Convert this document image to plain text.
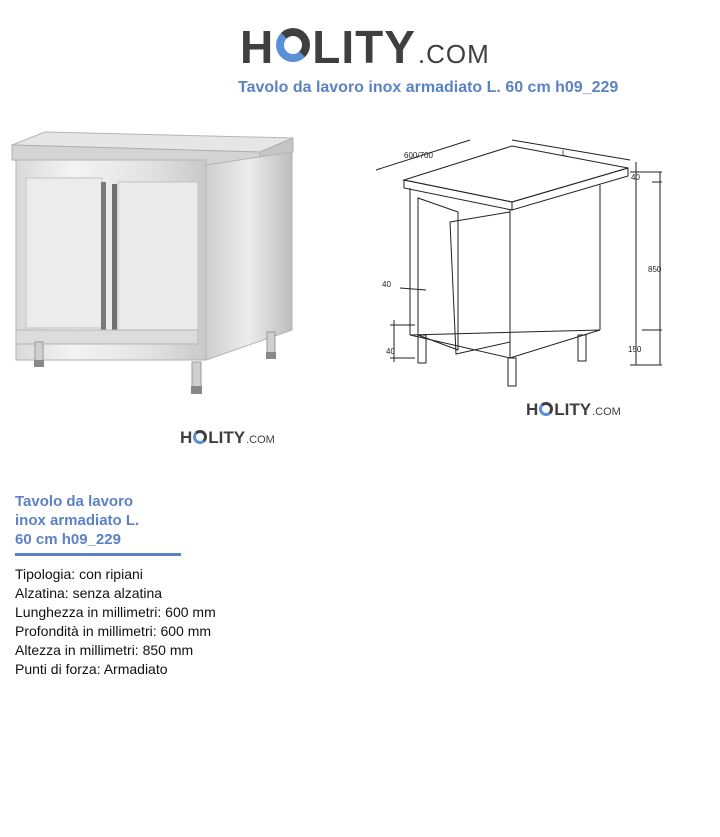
H LITY .COM
Tavolo da lavoro inox armadiato L. 60 cm h09_229
H LITY .COM
600/700	L
40
850
40
40	150
H LITY .COM
Tavolo da lavoro
inox armadiato L.
60 cm h09_229
Tipologia: con ripiani
Alzatina: senza alzatina
Lunghezza in millimetri: 600 mm
Profondità in millimetri: 600 mm
Altezza in millimetri: 850 mm
Punti di forza: Armadiato
